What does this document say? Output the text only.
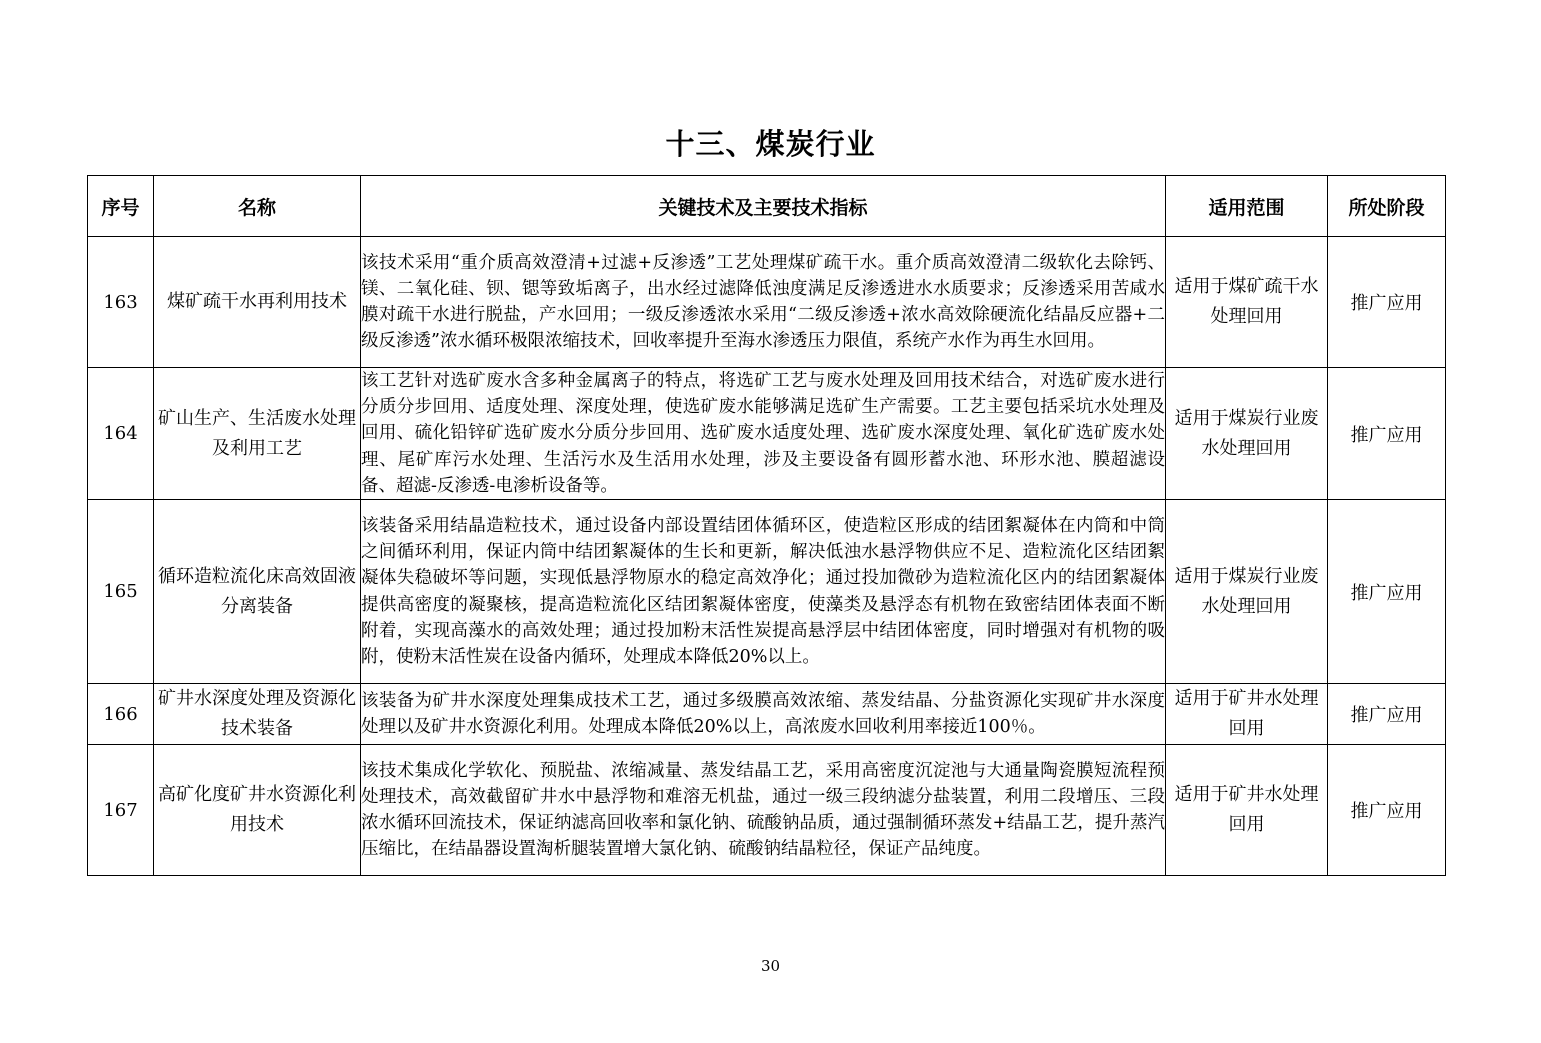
十三、煤炭行业
序号	名称	关键技术及主要技术指标	适用范围	所处阶段
163	煤矿疏干水再利用技术	该技术采用“重介质高效澄清+过滤+反渗透”工艺处理煤矿疏干水。重介质高效澄清二级软化去除钙、镁、二氧化硅、钡、锶等致垢离子，出水经过滤降低浊度满足反渗透进水水质要求；反渗透采用苦咸水膜对疏干水进行脱盐，产水回用；一级反渗透浓水采用“二级反渗透+浓水高效除硬流化结晶反应器+二级反渗透”浓水循环极限浓缩技术，回收率提升至海水渗透压力限值，系统产水作为再生水回用。	适用于煤矿疏干水处理回用	推广应用
164	矿山生产、生活废水处理及利用工艺	该工艺针对选矿废水含多种金属离子的特点，将选矿工艺与废水处理及回用技术结合，对选矿废水进行分质分步回用、适度处理、深度处理，使选矿废水能够满足选矿生产需要。工艺主要包括采坑水处理及回用、硫化铅锌矿选矿废水分质分步回用、选矿废水适度处理、选矿废水深度处理、氧化矿选矿废水处理、尾矿库污水处理、生活污水及生活用水处理，涉及主要设备有圆形蓄水池、环形水池、膜超滤设备、超滤-反渗透-电渗析设备等。	适用于煤炭行业废水处理回用	推广应用
165	循环造粒流化床高效固液分离装备	该装备采用结晶造粒技术，通过设备内部设置结团体循环区，使造粒区形成的结团絮凝体在内筒和中筒之间循环利用，保证内筒中结团絮凝体的生长和更新，解决低浊水悬浮物供应不足、造粒流化区结团絮凝体失稳破坏等问题，实现低悬浮物原水的稳定高效净化；通过投加微砂为造粒流化区内的结团絮凝体提供高密度的凝聚核，提高造粒流化区结团絮凝体密度，使藻类及悬浮态有机物在致密结团体表面不断附着，实现高藻水的高效处理；通过投加粉末活性炭提高悬浮层中结团体密度，同时增强对有机物的吸附，使粉末活性炭在设备内循环，处理成本降低20%以上。	适用于煤炭行业废水处理回用	推广应用
166	矿井水深度处理及资源化技术装备	该装备为矿井水深度处理集成技术工艺，通过多级膜高效浓缩、蒸发结晶、分盐资源化实现矿井水深度处理以及矿井水资源化利用。处理成本降低20%以上，高浓废水回收利用率接近100％。	适用于矿井水处理回用	推广应用
167	高矿化度矿井水资源化利用技术	该技术集成化学软化、预脱盐、浓缩减量、蒸发结晶工艺，采用高密度沉淀池与大通量陶瓷膜短流程预处理技术，高效截留矿井水中悬浮物和难溶无机盐，通过一级三段纳滤分盐装置，利用二段增压、三段浓水循环回流技术，保证纳滤高回收率和氯化钠、硫酸钠品质，通过强制循环蒸发+结晶工艺，提升蒸汽压缩比，在结晶器设置淘析腿装置增大氯化钠、硫酸钠结晶粒径，保证产品纯度。	适用于矿井水处理回用	推广应用
30
